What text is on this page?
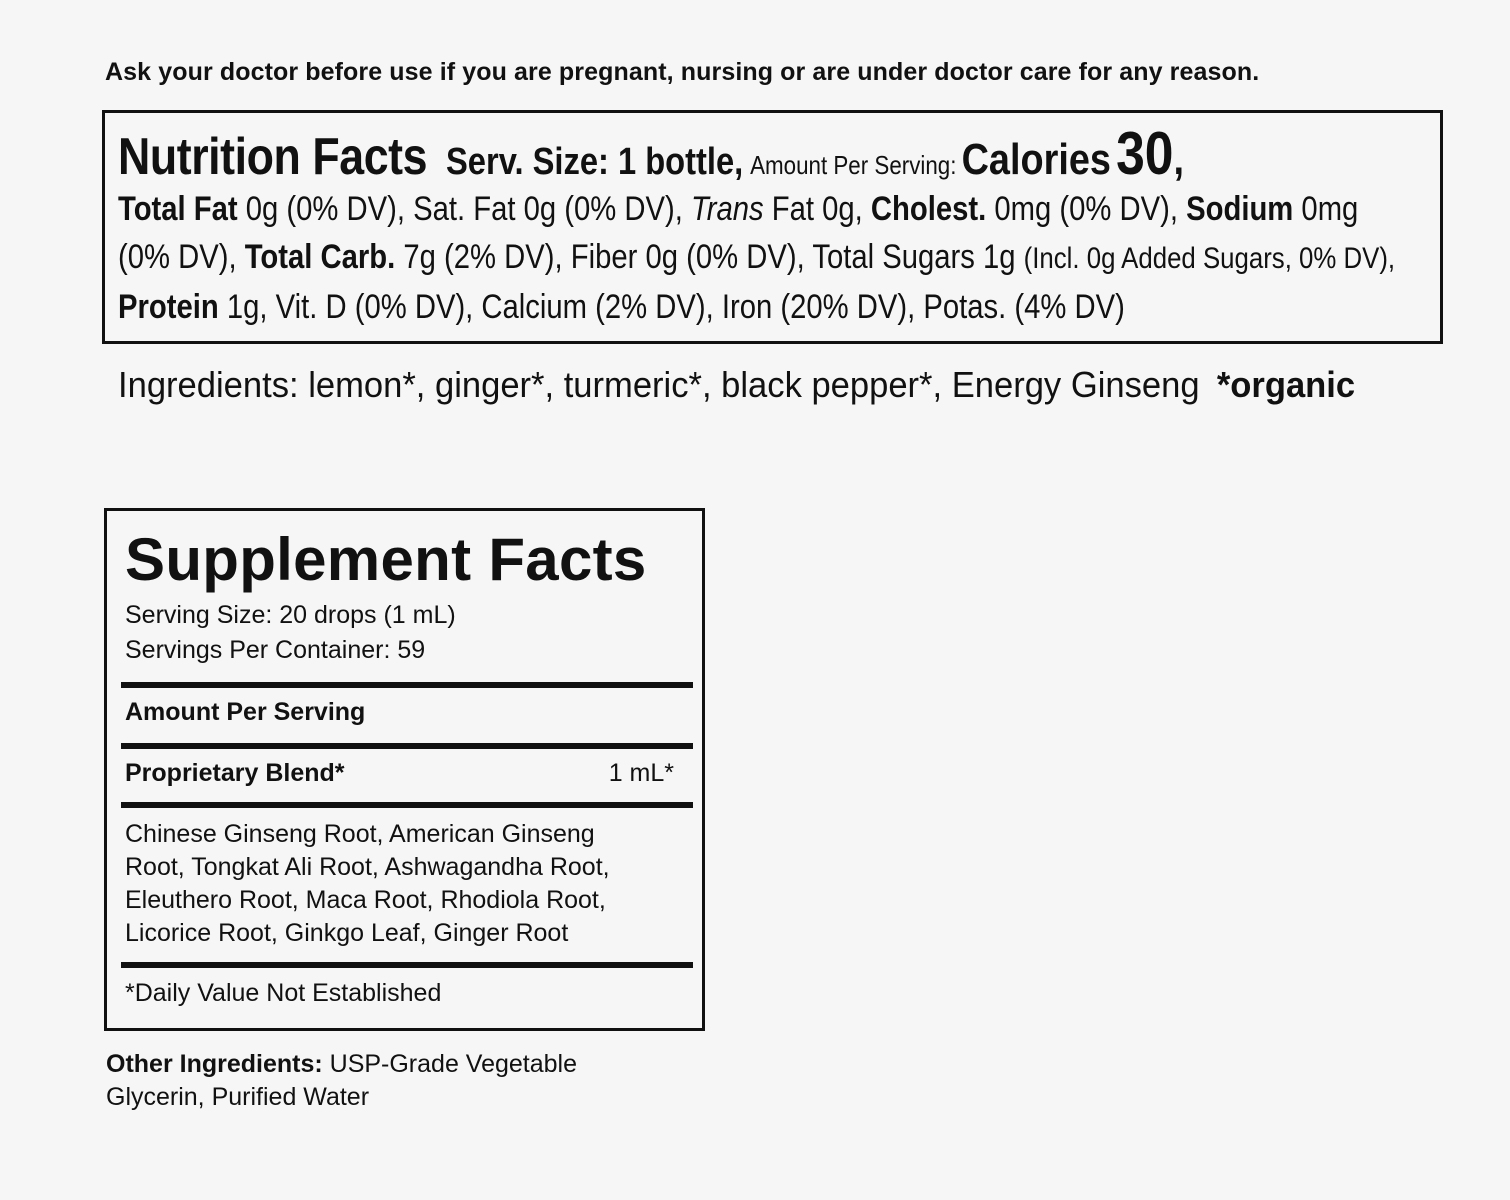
Ask your doctor before use if you are pregnant, nursing or are under doctor care for any reason.
Nutrition Facts Serv. Size: 1 bottle, Amount Per Serving: Calories30,
Total Fat 0g (0% DV), Sat. Fat 0g (0% DV), Trans Fat 0g, Cholest. 0mg (0% DV), Sodium 0mg
(0% DV), Total Carb. 7g (2% DV), Fiber 0g (0% DV), Total Sugars 1g (Incl. 0g Added Sugars, 0% DV),
Protein 1g, Vit. D (0% DV), Calcium (2% DV), Iron (20% DV), Potas. (4% DV)
Ingredients: lemon*, ginger*, turmeric*, black pepper*, Energy Ginseng *organic
Supplement Facts
Serving Size: 20 drops (1 mL)
Servings Per Container: 59
Amount Per Serving
Proprietary Blend*	1 mL*
Chinese Ginseng Root, American Ginseng
Root, Tongkat Ali Root, Ashwagandha Root,
Eleuthero Root, Maca Root, Rhodiola Root,
Licorice Root, Ginkgo Leaf, Ginger Root
*Daily Value Not Established
Other Ingredients: USP-Grade Vegetable Glycerin, Purified Water
